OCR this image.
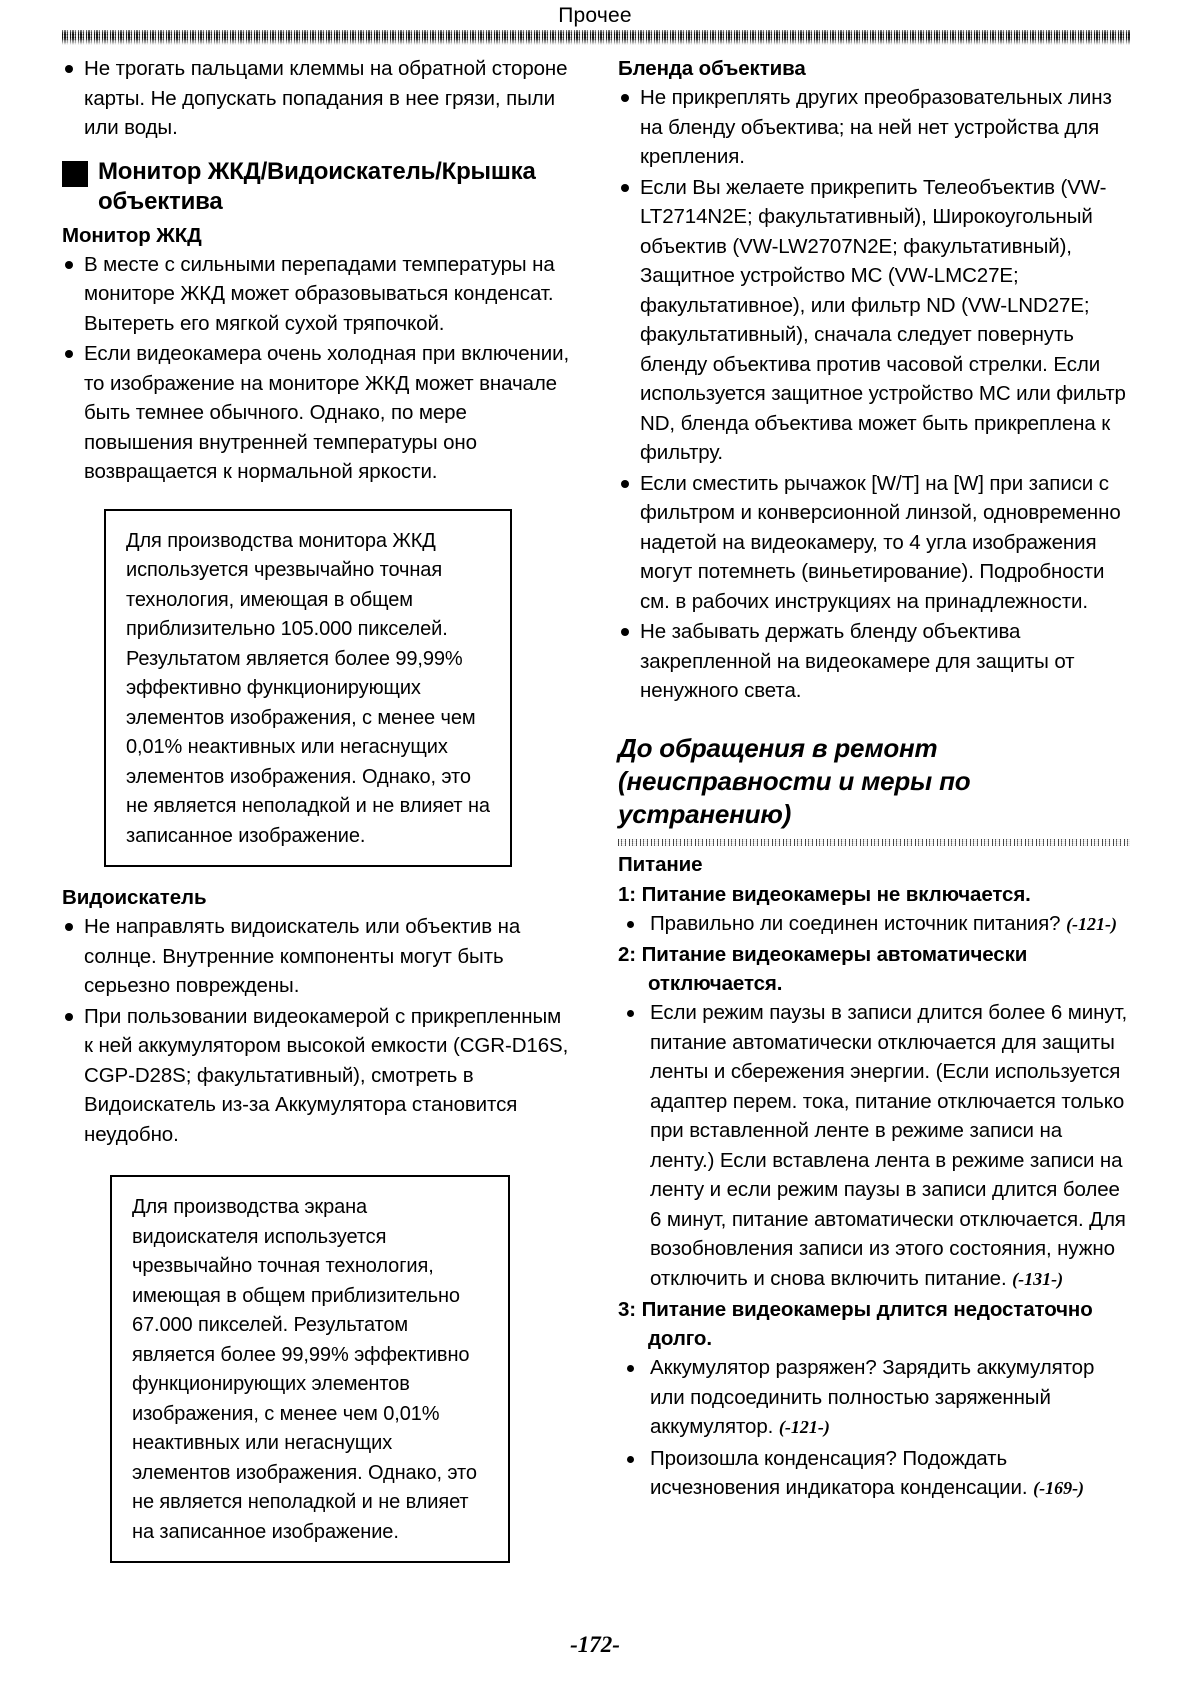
Прочее
Не трогать пальцами клеммы на обратной стороне карты. Не допускать попадания в нее грязи, пыли или воды.
Монитор ЖКД/Видоискатель/Крышка объектива
Монитор ЖКД
В месте с сильными перепадами температуры на мониторе ЖКД может образовываться конденсат. Вытереть его мягкой сухой тряпочкой.
Если видеокамера очень холодная при включении, то изображение на мониторе ЖКД может вначале быть темнее обычного. Однако, по мере повышения внутренней температуры оно возвращается к нормальной яркости.

Для производства монитора ЖКД используется чрезвычайно точная технология, имеющая в общем приблизительно 105.000 пикселей. Результатом является более 99,99% эффективно функционирующих элементов изображения, с менее чем 0,01% неактивных или негаснущих элементов изображения. Однако, это не является неполадкой и не влияет на записанное изображение.

Видоискатель
Не направлять видоискатель или объектив на солнце. Внутренние компоненты могут быть серьезно повреждены.
При пользовании видеокамерой с прикрепленным к ней аккумулятором высокой емкости (CGR-D16S, CGP-D28S; факультативный), смотреть в Видоискатель из-за Аккумулятора становится неудобно.

Для производства экрана видоискателя используется чрезвычайно точная технология, имеющая в общем приблизительно 67.000 пикселей. Результатом является более 99,99% эффективно функционирующих элементов изображения, с менее чем 0,01% неактивных или негаснущих элементов изображения. Однако, это не является неполадкой и не влияет на записанное изображение.

Бленда объектива
Не прикреплять других преобразовательных линз на бленду объектива; на ней нет устройства для крепления.
Если Вы желаете прикрепить Телеобъектив (VW-LT2714N2E; факультативный), Широкоугольный объектив (VW-LW2707N2E; факультативный), Защитное устройство MC (VW-LMC27E; факультативное), или фильтр ND (VW-LND27E; факультативный), сначала следует повернуть бленду объектива против часовой стрелки. Если используется защитное устройство MC или фильтр ND, бленда объектива может быть прикреплена к фильтру.
Если сместить рычажок [W/T] на [W] при записи с фильтром и конверсионной линзой, одновременно надетой на видеокамеру, то 4 угла изображения могут потемнеть (виньетирование). Подробности см. в рабочих инструкциях на принадлежности.
Не забывать держать бленду объектива закрепленной на видеокамере для защиты от ненужного света.
До обращения в ремонт (неисправности и меры по устранению)
Питание
1: Питание видеокамеры не включается.
Правильно ли соединен источник питания? (-121-)
2: Питание видеокамеры автоматически отключается.
Если режим паузы в записи длится более 6 минут, питание автоматически отключается для защиты ленты и сбережения энергии. (Если используется адаптер перем. тока, питание отключается только при вставленной ленте в режиме записи на ленту.) Если вставлена лента в режиме записи на ленту и если режим паузы в записи длится более 6 минут, питание автоматически отключается. Для возобновления записи из этого состояния, нужно отключить и снова включить питание. (-131-)
3: Питание видеокамеры длится недостаточно долго.
Аккумулятор разряжен? Зарядить аккумулятор или подсоединить полностью заряженный аккумулятор. (-121-)
Произошла конденсация? Подождать исчезновения индикатора конденсации. (-169-)
-172-
